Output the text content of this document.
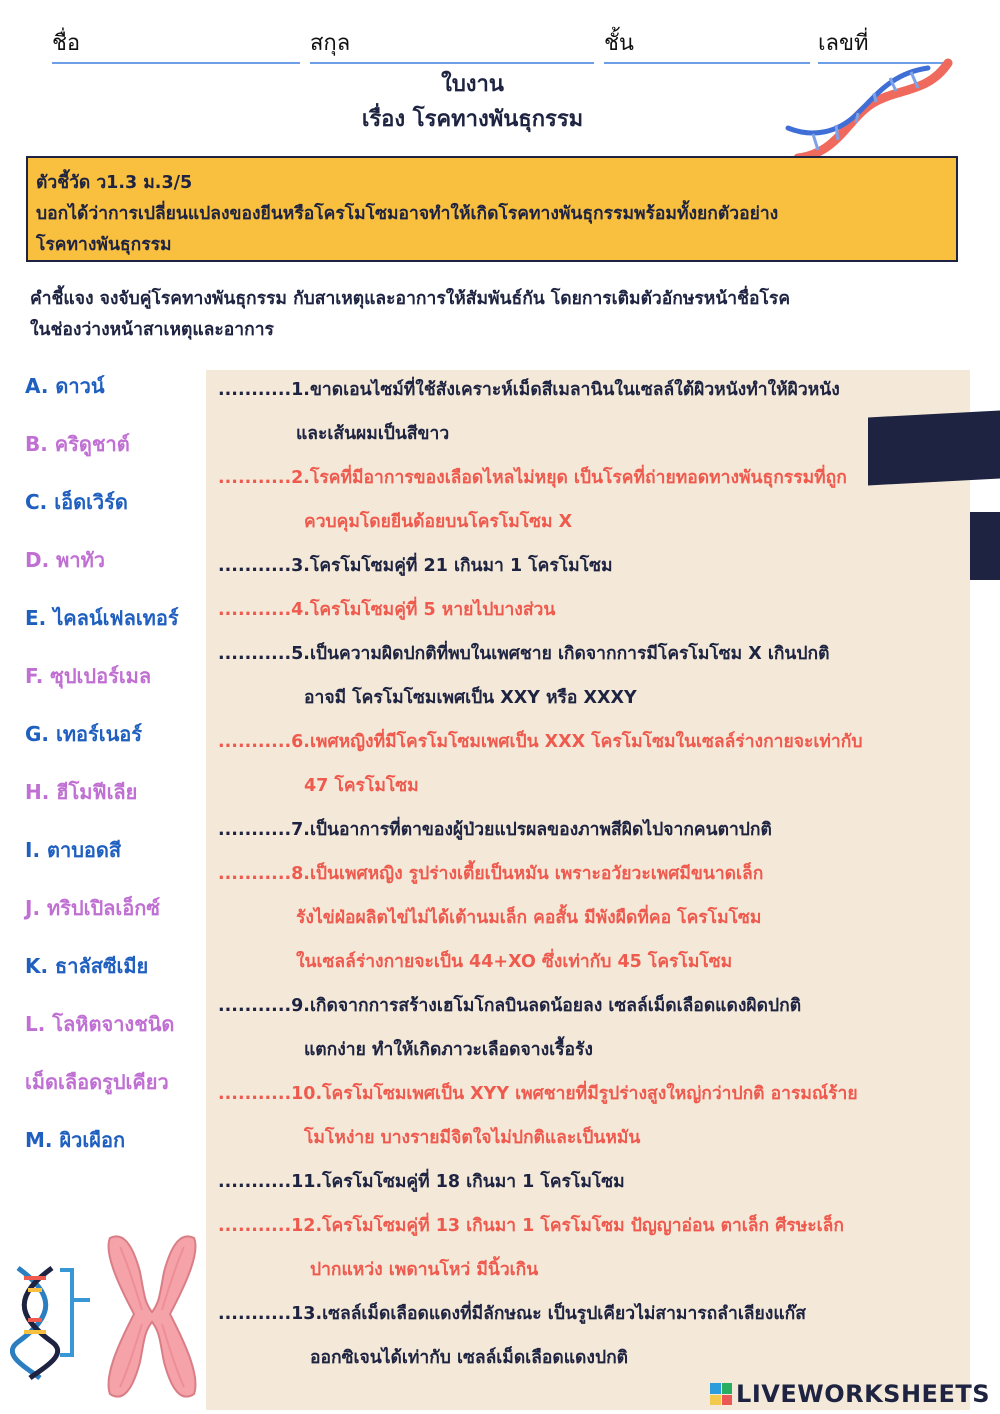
ชื่อ	สกุล	ชั้น	เลขที่
ใบงาน
เรื่อง โรคทางพันธุกรรม
ตัวชี้วัด ว1.3 ม.3/5
บอกได้ว่าการเปลี่ยนแปลงของยีนหรือโครโมโซมอาจทำให้เกิดโรคทางพันธุกรรมพร้อมทั้งยกตัวอย่าง
โรคทางพันธุกรรม
คำชี้แจง จงจับคู่โรคทางพันธุกรรม กับสาเหตุและอาการให้สัมพันธ์กัน โดยการเติมตัวอักษรหน้าชื่อโรค
ในช่องว่างหน้าสาเหตุและอาการ
A. ดาวน์
B. คริดูชาต์
C. เอ็ดเวิร์ด
D. พาทัว
E. ไคลน์เฟลเทอร์
F. ซุปเปอร์เมล
G. เทอร์เนอร์
H. ฮีโมฟีเลีย
I. ตาบอดสี
J. ทริปเปิลเอ็กซ์
K. ธาลัสซีเมีย
L. โลหิตจางชนิด
เม็ดเลือดรูปเคียว
M. ผิวเผือก
...........1.ขาดเอนไซม์ที่ใช้สังเคราะห์เม็ดสีเมลานินในเซลล์ใต้ผิวหนังทำให้ผิวหนัง
และเส้นผมเป็นสีขาว
...........2.โรคที่มีอาการของเลือดไหลไม่หยุด เป็นโรคที่ถ่ายทอดทางพันธุกรรมที่ถูก
ควบคุมโดยยีนด้อยบนโครโมโซม X
...........3.โครโมโซมคู่ที่ 21 เกินมา 1 โครโมโซม
...........4.โครโมโซมคู่ที่ 5 หายไปบางส่วน
...........5.เป็นความผิดปกติที่พบในเพศชาย เกิดจากการมีโครโมโซม X เกินปกติ
อาจมี โครโมโซมเพศเป็น XXY หรือ XXXY
...........6.เพศหญิงที่มีโครโมโซมเพศเป็น XXX โครโมโซมในเซลล์ร่างกายจะเท่ากับ
47 โครโมโซม
...........7.เป็นอาการที่ตาของผู้ป่วยแปรผลของภาพสีผิดไปจากคนตาปกติ
...........8.เป็นเพศหญิง รูปร่างเตี้ยเป็นหมัน เพราะอวัยวะเพศมีขนาดเล็ก
รังไข่ฝ่อผลิตไข่ไม่ได้เต้านมเล็ก คอสั้น มีพังผืดที่คอ โครโมโซม
ในเซลล์ร่างกายจะเป็น 44+XO ซึ่งเท่ากับ 45 โครโมโซม
...........9.เกิดจากการสร้างเฮโมโกลบินลดน้อยลง เซลล์เม็ดเลือดแดงผิดปกติ
แตกง่าย ทำให้เกิดภาวะเลือดจางเรื้อรัง
...........10.โครโมโซมเพศเป็น XYY เพศชายที่มีรูปร่างสูงใหญ่กว่าปกติ อารมณ์ร้าย
โมโหง่าย บางรายมีจิตใจไม่ปกติและเป็นหมัน
...........11.โครโมโซมคู่ที่ 18 เกินมา 1 โครโมโซม
...........12.โครโมโซมคู่ที่ 13 เกินมา 1 โครโมโซม ปัญญาอ่อน ตาเล็ก ศีรษะเล็ก
ปากแหว่ง เพดานโหว่ มีนิ้วเกิน
...........13.เซลล์เม็ดเลือดแดงที่มีลักษณะ เป็นรูปเคียวไม่สามารถลำเลียงแก๊ส
ออกซิเจนได้เท่ากับ เซลล์เม็ดเลือดแดงปกติ
LIVEWORKSHEETS
